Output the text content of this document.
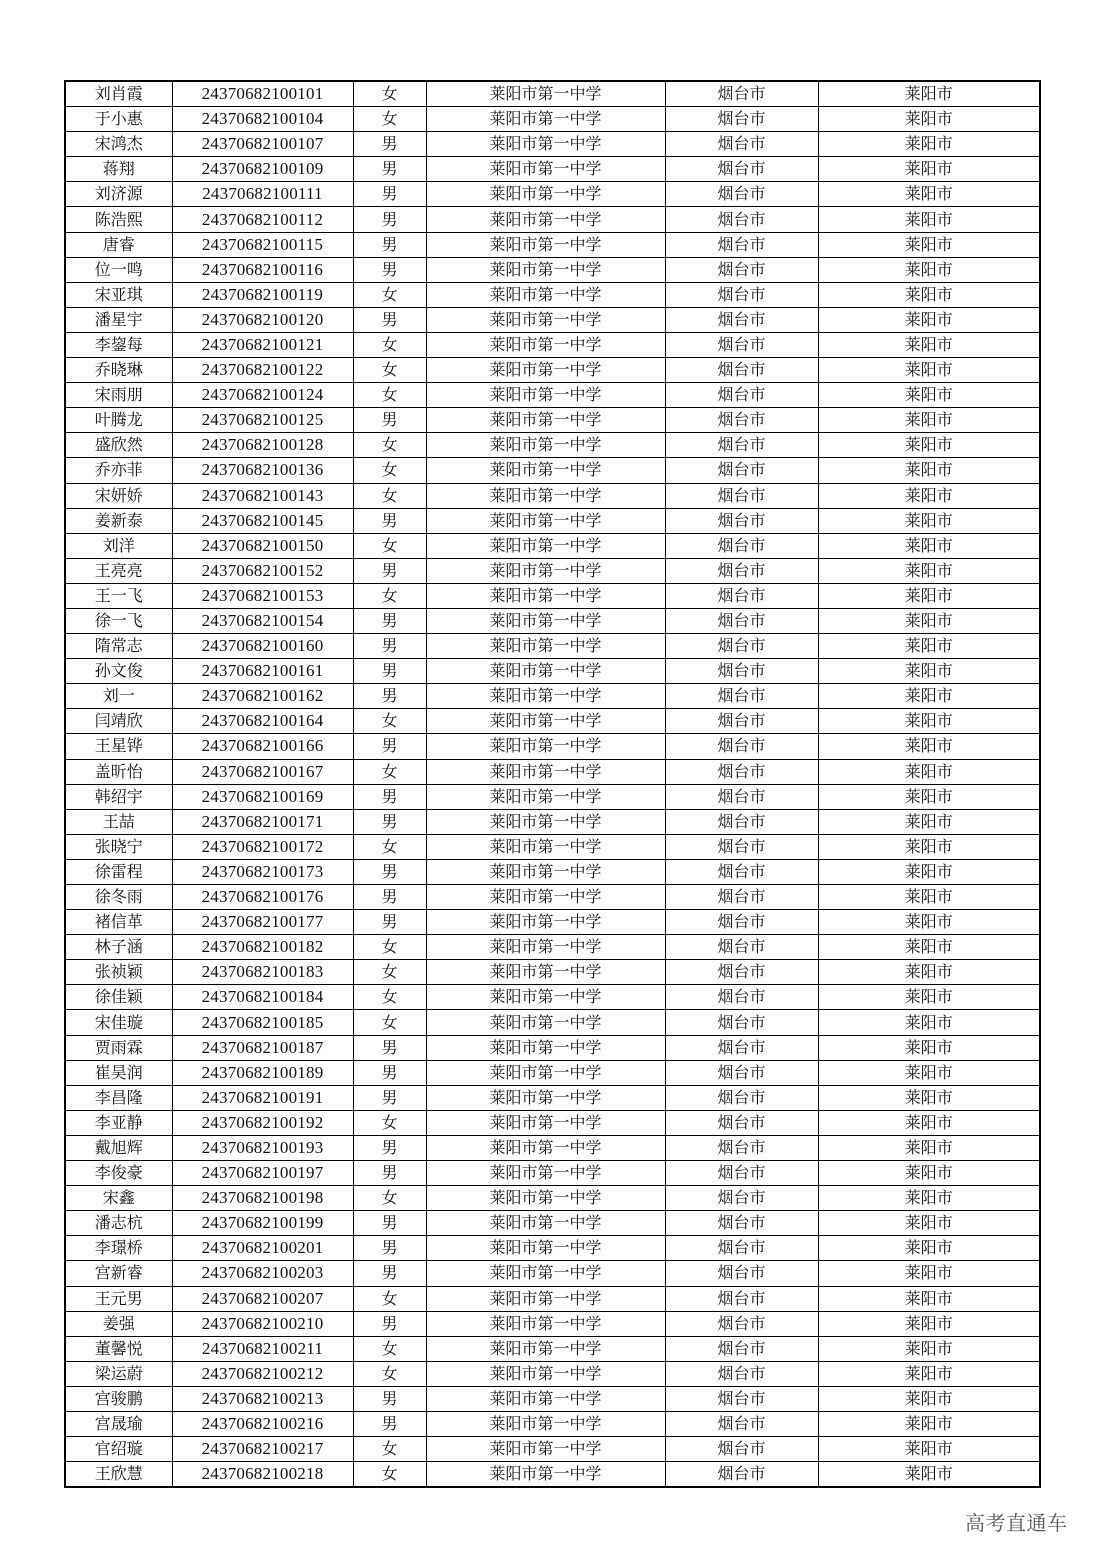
刘肖霞	24370682100101	女	莱阳市第一中学	烟台市	莱阳市
于小惠	24370682100104	女	莱阳市第一中学	烟台市	莱阳市
宋鸿杰	24370682100107	男	莱阳市第一中学	烟台市	莱阳市
蒋翔	24370682100109	男	莱阳市第一中学	烟台市	莱阳市
刘济源	24370682100111	男	莱阳市第一中学	烟台市	莱阳市
陈浩熙	24370682100112	男	莱阳市第一中学	烟台市	莱阳市
唐睿	24370682100115	男	莱阳市第一中学	烟台市	莱阳市
位一鸣	24370682100116	男	莱阳市第一中学	烟台市	莱阳市
宋亚琪	24370682100119	女	莱阳市第一中学	烟台市	莱阳市
潘星宇	24370682100120	男	莱阳市第一中学	烟台市	莱阳市
李鋆每	24370682100121	女	莱阳市第一中学	烟台市	莱阳市
乔晓琳	24370682100122	女	莱阳市第一中学	烟台市	莱阳市
宋雨朋	24370682100124	女	莱阳市第一中学	烟台市	莱阳市
叶腾龙	24370682100125	男	莱阳市第一中学	烟台市	莱阳市
盛欣然	24370682100128	女	莱阳市第一中学	烟台市	莱阳市
乔亦菲	24370682100136	女	莱阳市第一中学	烟台市	莱阳市
宋妍娇	24370682100143	女	莱阳市第一中学	烟台市	莱阳市
姜新泰	24370682100145	男	莱阳市第一中学	烟台市	莱阳市
刘洋	24370682100150	女	莱阳市第一中学	烟台市	莱阳市
王亮亮	24370682100152	男	莱阳市第一中学	烟台市	莱阳市
王一飞	24370682100153	女	莱阳市第一中学	烟台市	莱阳市
徐一飞	24370682100154	男	莱阳市第一中学	烟台市	莱阳市
隋常志	24370682100160	男	莱阳市第一中学	烟台市	莱阳市
孙文俊	24370682100161	男	莱阳市第一中学	烟台市	莱阳市
刘一	24370682100162	男	莱阳市第一中学	烟台市	莱阳市
闫靖欣	24370682100164	女	莱阳市第一中学	烟台市	莱阳市
王星铧	24370682100166	男	莱阳市第一中学	烟台市	莱阳市
盖昕怡	24370682100167	女	莱阳市第一中学	烟台市	莱阳市
韩绍宇	24370682100169	男	莱阳市第一中学	烟台市	莱阳市
王喆	24370682100171	男	莱阳市第一中学	烟台市	莱阳市
张晓宁	24370682100172	女	莱阳市第一中学	烟台市	莱阳市
徐雷程	24370682100173	男	莱阳市第一中学	烟台市	莱阳市
徐冬雨	24370682100176	男	莱阳市第一中学	烟台市	莱阳市
褚信革	24370682100177	男	莱阳市第一中学	烟台市	莱阳市
林子涵	24370682100182	女	莱阳市第一中学	烟台市	莱阳市
张祯颖	24370682100183	女	莱阳市第一中学	烟台市	莱阳市
徐佳颖	24370682100184	女	莱阳市第一中学	烟台市	莱阳市
宋佳璇	24370682100185	女	莱阳市第一中学	烟台市	莱阳市
贾雨霖	24370682100187	男	莱阳市第一中学	烟台市	莱阳市
崔昊润	24370682100189	男	莱阳市第一中学	烟台市	莱阳市
李昌隆	24370682100191	男	莱阳市第一中学	烟台市	莱阳市
李亚静	24370682100192	女	莱阳市第一中学	烟台市	莱阳市
戴旭辉	24370682100193	男	莱阳市第一中学	烟台市	莱阳市
李俊豪	24370682100197	男	莱阳市第一中学	烟台市	莱阳市
宋鑫	24370682100198	女	莱阳市第一中学	烟台市	莱阳市
潘志杭	24370682100199	男	莱阳市第一中学	烟台市	莱阳市
李璟桥	24370682100201	男	莱阳市第一中学	烟台市	莱阳市
宫新睿	24370682100203	男	莱阳市第一中学	烟台市	莱阳市
王元男	24370682100207	女	莱阳市第一中学	烟台市	莱阳市
姜强	24370682100210	男	莱阳市第一中学	烟台市	莱阳市
董馨悦	24370682100211	女	莱阳市第一中学	烟台市	莱阳市
梁运蔚	24370682100212	女	莱阳市第一中学	烟台市	莱阳市
宫骏鹏	24370682100213	男	莱阳市第一中学	烟台市	莱阳市
宫晟瑜	24370682100216	男	莱阳市第一中学	烟台市	莱阳市
官绍璇	24370682100217	女	莱阳市第一中学	烟台市	莱阳市
王欣慧	24370682100218	女	莱阳市第一中学	烟台市	莱阳市
高考直通车
